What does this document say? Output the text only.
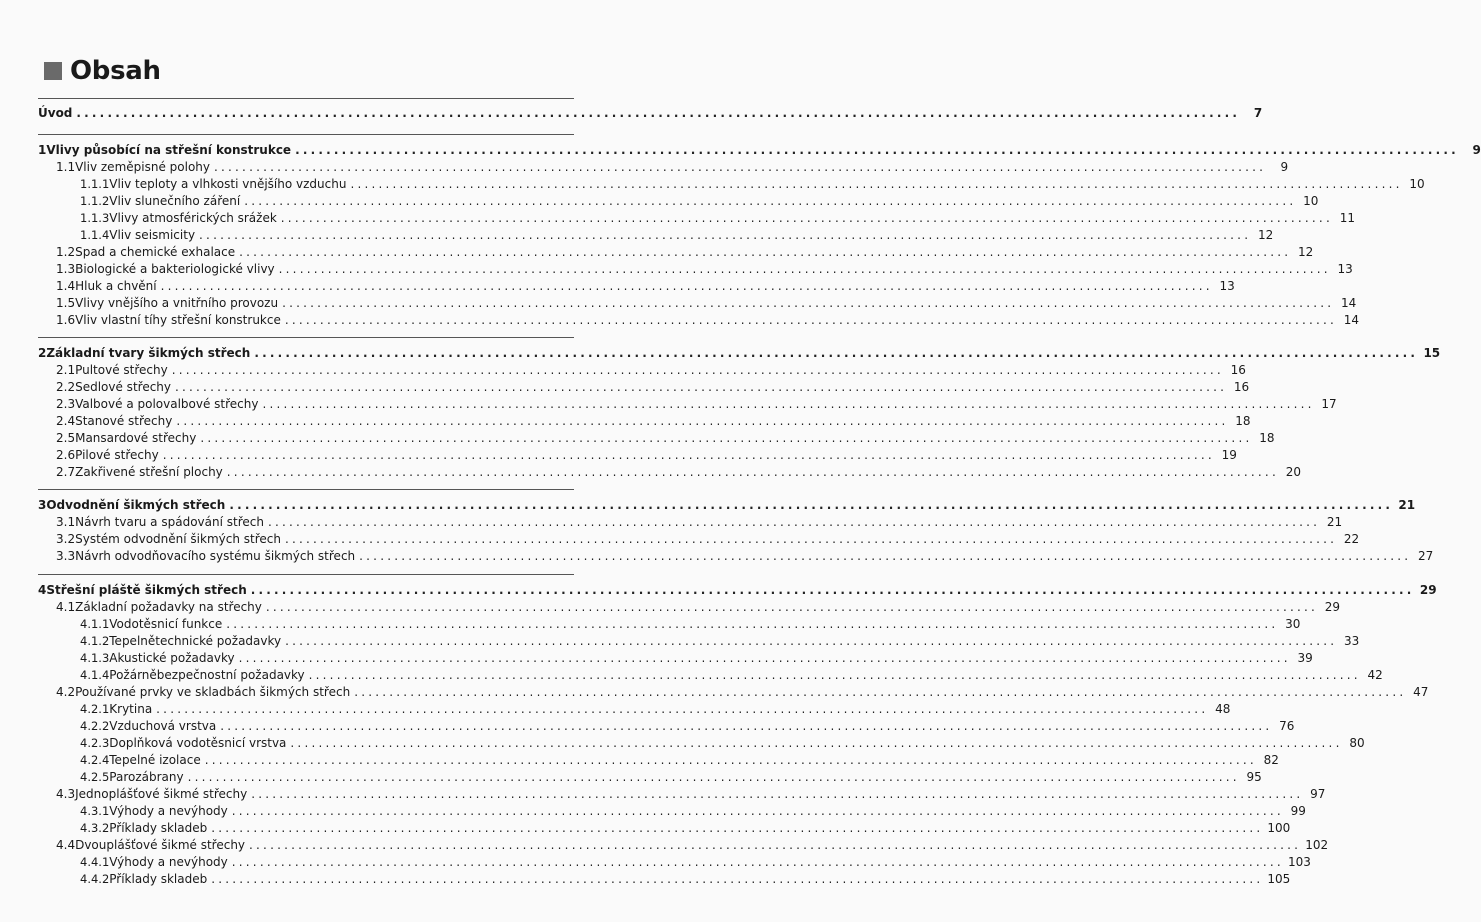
Obsah
Úvod .....	7
1 Vlivy působící na střešní konstrukce .....	9
1.1 Vliv zeměpisné polohy .....	9
1.1.1 Vliv teploty a vlhkosti vnějšího vzduchu .....	10
1.1.2 Vliv slunečního záření .....	10
1.1.3 Vlivy atmosférických srážek .....	11
1.1.4 Vliv seismicity .....	12
1.2 Spad a chemické exhalace .....	12
1.3 Biologické a bakteriologické vlivy .....	13
1.4 Hluk a chvění .....	13
1.5 Vlivy vnějšího a vnitřního provozu .....	14
1.6 Vliv vlastní tíhy střešní konstrukce .....	14
2 Základní tvary šikmých střech .....	15
2.1 Pultové střechy .....	16
2.2 Sedlové střechy .....	16
2.3 Valbové a polovalbové střechy .....	17
2.4 Stanové střechy .....	18
2.5 Mansardové střechy .....	18
2.6 Pilové střechy .....	19
2.7 Zakřivené střešní plochy .....	20
3 Odvodnění šikmých střech .....	21
3.1 Návrh tvaru a spádování střech .....	21
3.2 Systém odvodnění šikmých střech .....	22
3.3 Návrh odvodňovacího systému šikmých střech .....	27
4 Střešní pláště šikmých střech .....	29
4.1 Základní požadavky na střechy .....	29
4.1.1 Vodotěsnicí funkce .....	30
4.1.2 Tepelnětechnické požadavky .....	33
4.1.3 Akustické požadavky .....	39
4.1.4 Požárněbezpečnostní požadavky .....	42
4.2 Používané prvky ve skladbách šikmých střech .....	47
4.2.1 Krytina .....	48
4.2.2 Vzduchová vrstva .....	76
4.2.3 Doplňková vodotěsnicí vrstva .....	80
4.2.4 Tepelné izolace .....	82
4.2.5 Parozábrany .....	95
4.3 Jednoplášťové šikmé střechy .....	97
4.3.1 Výhody a nevýhody .....	99
4.3.2 Příklady skladeb .....	100
4.4 Dvouplášťové šikmé střechy .....	102
4.4.1 Výhody a nevýhody .....	103
4.4.2 Příklady skladeb .....	105
